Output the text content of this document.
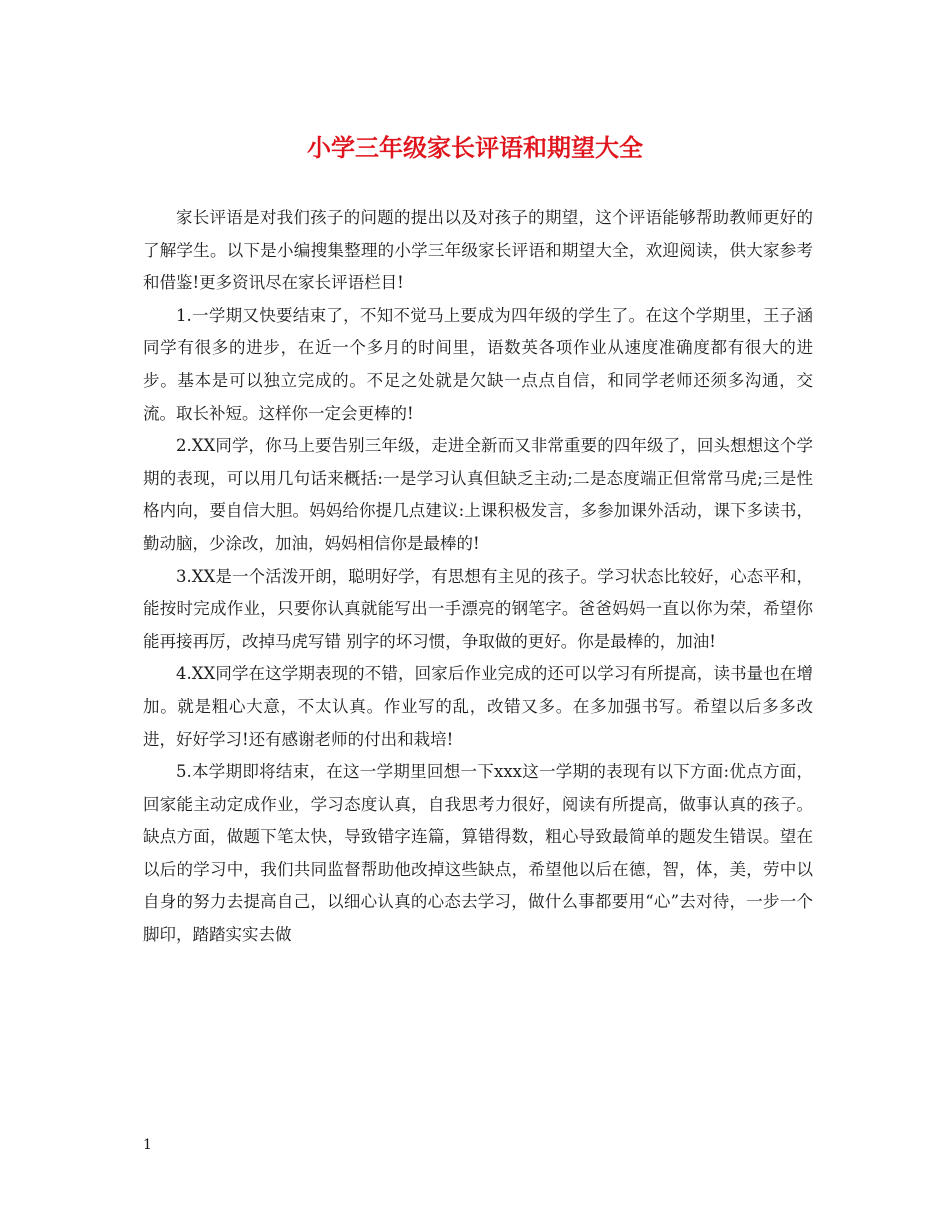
小学三年级家长评语和期望大全

家长评语是对我们孩子的问题的提出以及对孩子的期望，这个评语能够帮助教师更好的了解学生。以下是小编搜集整理的小学三年级家长评语和期望大全，欢迎阅读，供大家参考和借鉴!更多资讯尽在家长评语栏目!

1.一学期又快要结束了，不知不觉马上要成为四年级的学生了。在这个学期里，王子涵同学有很多的进步，在近一个多月的时间里，语数英各项作业从速度准确度都有很大的进步。基本是可以独立完成的。不足之处就是欠缺一点点自信，和同学老师还须多沟通，交流。取长补短。这样你一定会更棒的!

2.XX同学，你马上要告别三年级，走进全新而又非常重要的四年级了，回头想想这个学期的表现，可以用几句话来概括:一是学习认真但缺乏主动;二是态度端正但常常马虎;三是性格内向，要自信大胆。妈妈给你提几点建议:上课积极发言，多参加课外活动，课下多读书，勤动脑，少涂改，加油，妈妈相信你是最棒的!

3.XX是一个活泼开朗，聪明好学，有思想有主见的孩子。学习状态比较好，心态平和，能按时完成作业，只要你认真就能写出一手漂亮的钢笔字。爸爸妈妈一直以你为荣，希望你能再接再厉，改掉马虎写错 别字的坏习惯，争取做的更好。你是最棒的，加油!

4.XX同学在这学期表现的不错，回家后作业完成的还可以学习有所提高，读书量也在增加。就是粗心大意，不太认真。作业写的乱，改错又多。在多加强书写。希望以后多多改进，好好学习!还有感谢老师的付出和栽培!

5.本学期即将结束，在这一学期里回想一下xxx这一学期的表现有以下方面:优点方面，回家能主动定成作业，学习态度认真，自我思考力很好，阅读有所提高，做事认真的孩子。缺点方面，做题下笔太快，导致错字连篇，算错得数，粗心导致最简单的题发生错误。望在以后的学习中，我们共同监督帮助他改掉这些缺点，希望他以后在德，智，体，美，劳中以自身的努力去提高自己，以细心认真的心态去学习，做什么事都要用“心”去对待，一步一个脚印，踏踏实实去做

1
